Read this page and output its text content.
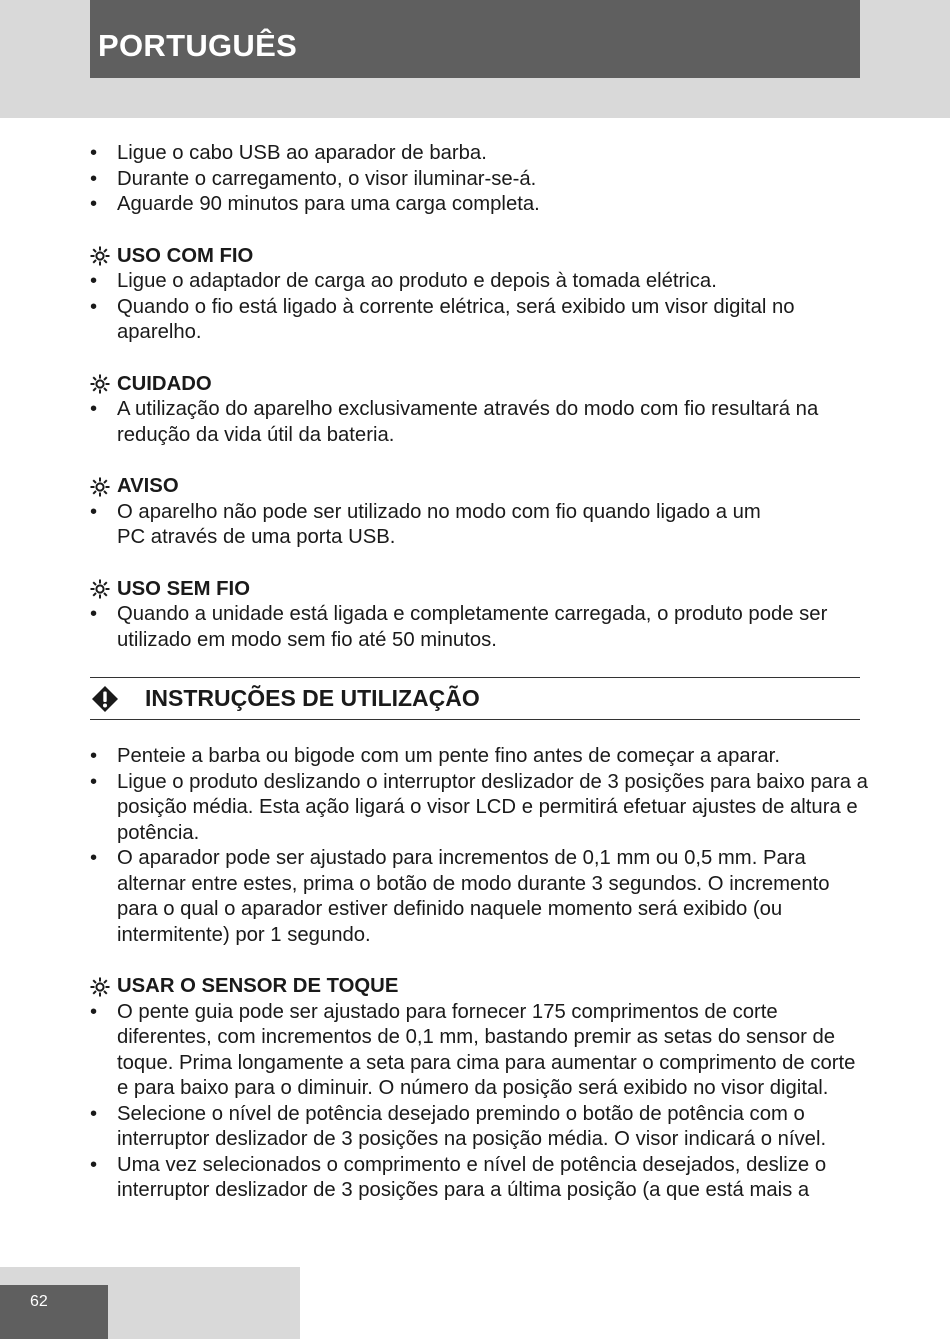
PORTUGUÊS
• Ligue o cabo USB ao aparador de barba.
• Durante o carregamento, o visor iluminar-se-á.
• Aguarde 90 minutos para uma carga completa.
USO COM FIO
• Ligue o adaptador de carga ao produto e depois à tomada elétrica.
• Quando o fio está ligado à corrente elétrica, será exibido um visor digital no aparelho.
CUIDADO
• A utilização do aparelho exclusivamente através do modo com fio resultará na redução da vida útil da bateria.
AVISO
• O aparelho não pode ser utilizado no modo com fio quando ligado a um PC através de uma porta USB.
USO SEM FIO
• Quando a unidade está ligada e completamente carregada, o produto pode ser utilizado em modo sem fio até 50 minutos.
INSTRUÇÕES DE UTILIZAÇÃO
• Penteie a barba ou bigode com um pente fino antes de começar a aparar.
• Ligue o produto deslizando o interruptor deslizador de 3 posições para baixo para a posição média. Esta ação ligará o visor LCD e permitirá efetuar ajustes de altura e potência.
• O aparador pode ser ajustado para incrementos de 0,1 mm ou 0,5 mm. Para alternar entre estes, prima o botão de modo durante 3 segundos. O incremento para o qual o aparador estiver definido naquele momento será exibido (ou intermitente) por 1 segundo.
USAR O SENSOR DE TOQUE
• O pente guia pode ser ajustado para fornecer 175 comprimentos de corte diferentes, com incrementos de 0,1 mm, bastando premir as setas do sensor de toque. Prima longamente a seta para cima para aumentar o comprimento de corte e para baixo para o diminuir. O número da posição será exibido no visor digital.
• Selecione o nível de potência desejado premindo o botão de potência com o interruptor deslizador de 3 posições na posição média. O visor indicará o nível.
• Uma vez selecionados o comprimento e nível de potência desejados, deslize o interruptor deslizador de 3 posições para a última posição (a que está mais a
62
